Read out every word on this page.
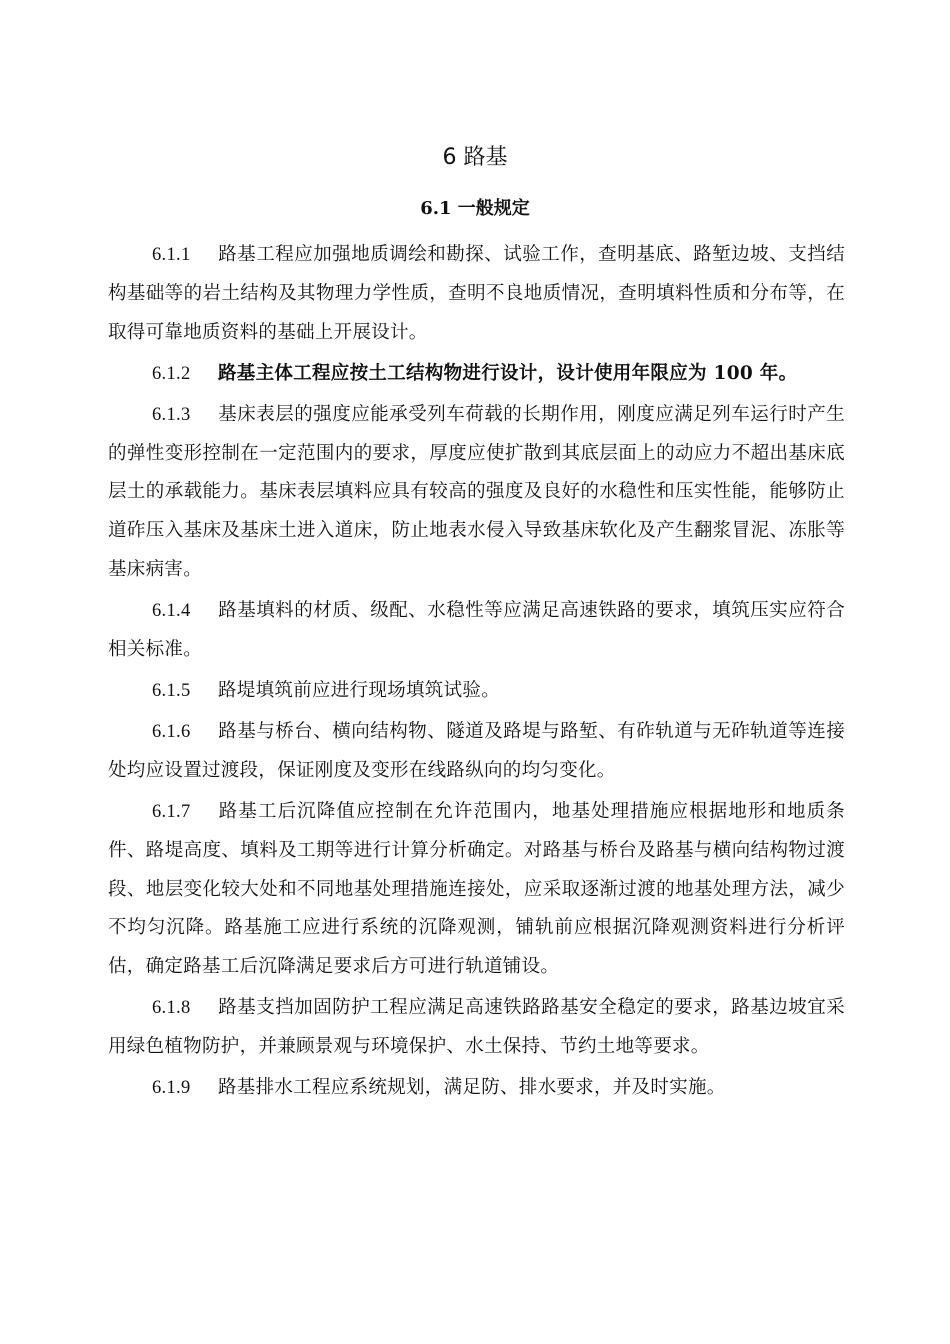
6 路基
6.1 一般规定

6.1.1 路基工程应加强地质调绘和勘探、试验工作，查明基底、路堑边坡、支挡结构基础等的岩土结构及其物理力学性质，查明不良地质情况，查明填料性质和分布等，在取得可靠地质资料的基础上开展设计。

6.1.2 路基主体工程应按土工结构物进行设计，设计使用年限应为 100 年。

6.1.3 基床表层的强度应能承受列车荷载的长期作用，刚度应满足列车运行时产生的弹性变形控制在一定范围内的要求，厚度应使扩散到其底层面上的动应力不超出基床底层土的承载能力。基床表层填料应具有较高的强度及良好的水稳性和压实性能，能够防止道砟压入基床及基床土进入道床，防止地表水侵入导致基床软化及产生翻浆冒泥、冻胀等基床病害。

6.1.4 路基填料的材质、级配、水稳性等应满足高速铁路的要求，填筑压实应符合相关标准。

6.1.5 路堤填筑前应进行现场填筑试验。

6.1.6 路基与桥台、横向结构物、隧道及路堤与路堑、有砟轨道与无砟轨道等连接处均应设置过渡段，保证刚度及变形在线路纵向的均匀变化。

6.1.7 路基工后沉降值应控制在允许范围内，地基处理措施应根据地形和地质条件、路堤高度、填料及工期等进行计算分析确定。对路基与桥台及路基与横向结构物过渡段、地层变化较大处和不同地基处理措施连接处，应采取逐渐过渡的地基处理方法，减少不均匀沉降。路基施工应进行系统的沉降观测，铺轨前应根据沉降观测资料进行分析评估，确定路基工后沉降满足要求后方可进行轨道铺设。

6.1.8 路基支挡加固防护工程应满足高速铁路路基安全稳定的要求，路基边坡宜采用绿色植物防护，并兼顾景观与环境保护、水土保持、节约土地等要求。

6.1.9 路基排水工程应系统规划，满足防、排水要求，并及时实施。
